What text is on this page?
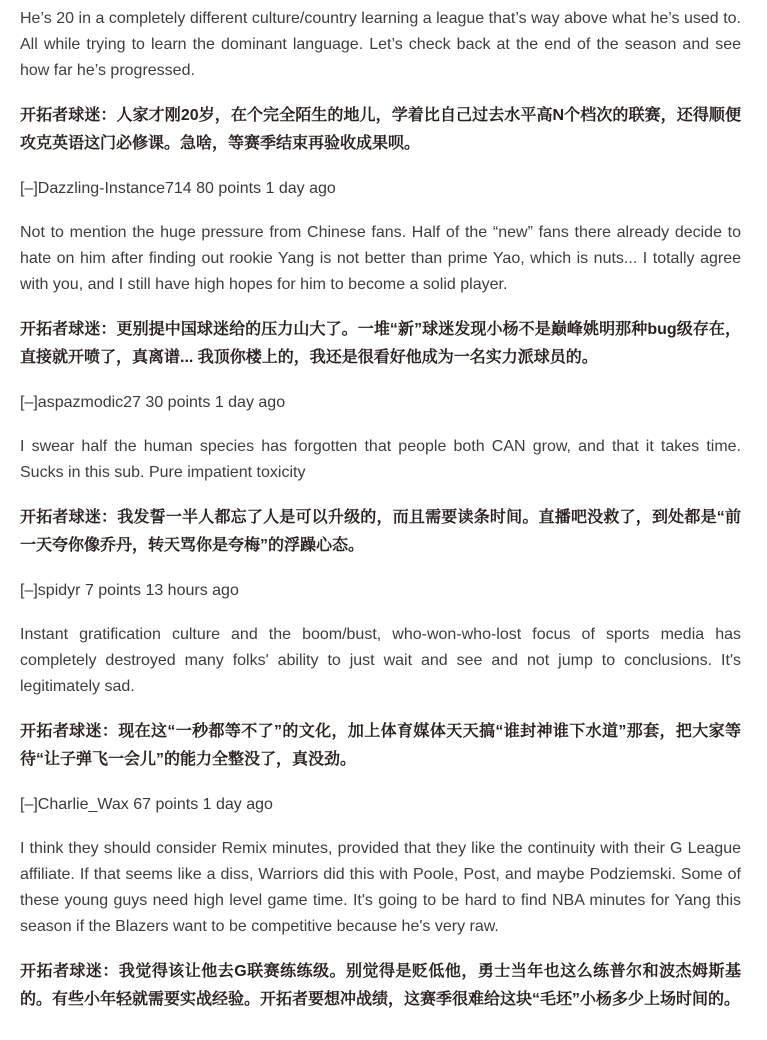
He’s 20 in a completely different culture/country learning a league that’s way above what he’s used to. All while trying to learn the dominant language. Let’s check back at the end of the season and see how far he’s progressed.

开拓者球迷：人家才刚20岁，在个完全陌生的地儿，学着比自己过去水平高N个档次的联赛，还得顺便攻克英语这门必修课。急啥，等赛季结束再验收成果呗。

[–]Dazzling-Instance714 80 points 1 day ago

Not to mention the huge pressure from Chinese fans. Half of the “new” fans there already decide to hate on him after finding out rookie Yang is not better than prime Yao, which is nuts... I totally agree with you, and I still have high hopes for him to become a solid player.

开拓者球迷：更别提中国球迷给的压力山大了。一堆“新”球迷发现小杨不是巅峰姚明那种bug级存在，直接就开喷了，真离谱... 我顶你楼上的，我还是很看好他成为一名实力派球员的。

[–]aspazmodic27 30 points 1 day ago

I swear half the human species has forgotten that people both CAN grow, and that it takes time. Sucks in this sub. Pure impatient toxicity

开拓者球迷：我发誓一半人都忘了人是可以升级的，而且需要读条时间。直播吧没救了，到处都是“前一天夸你像乔丹，转天骂你是夸梅”的浮躁心态。

[–]spidyr 7 points 13 hours ago

Instant gratification culture and the boom/bust, who-won-who-lost focus of sports media has completely destroyed many folks' ability to just wait and see and not jump to conclusions. It's legitimately sad.

开拓者球迷：现在这“一秒都等不了”的文化，加上体育媒体天天搞“谁封神谁下水道”那套，把大家等待“让子弹飞一会儿”的能力全整没了，真没劲。

[–]Charlie_Wax 67 points 1 day ago

I think they should consider Remix minutes, provided that they like the continuity with their G League affiliate. If that seems like a diss, Warriors did this with Poole, Post, and maybe Podziemski. Some of these young guys need high level game time. It's going to be hard to find NBA minutes for Yang this season if the Blazers want to be competitive because he's very raw.

开拓者球迷：我觉得该让他去G联赛练练级。别觉得是贬低他，勇士当年也这么练普尔和波杰姆斯基的。有些小年轻就需要实战经验。开拓者要想冲战绩，这赛季很难给这块“毛坯”小杨多少上场时间的。
